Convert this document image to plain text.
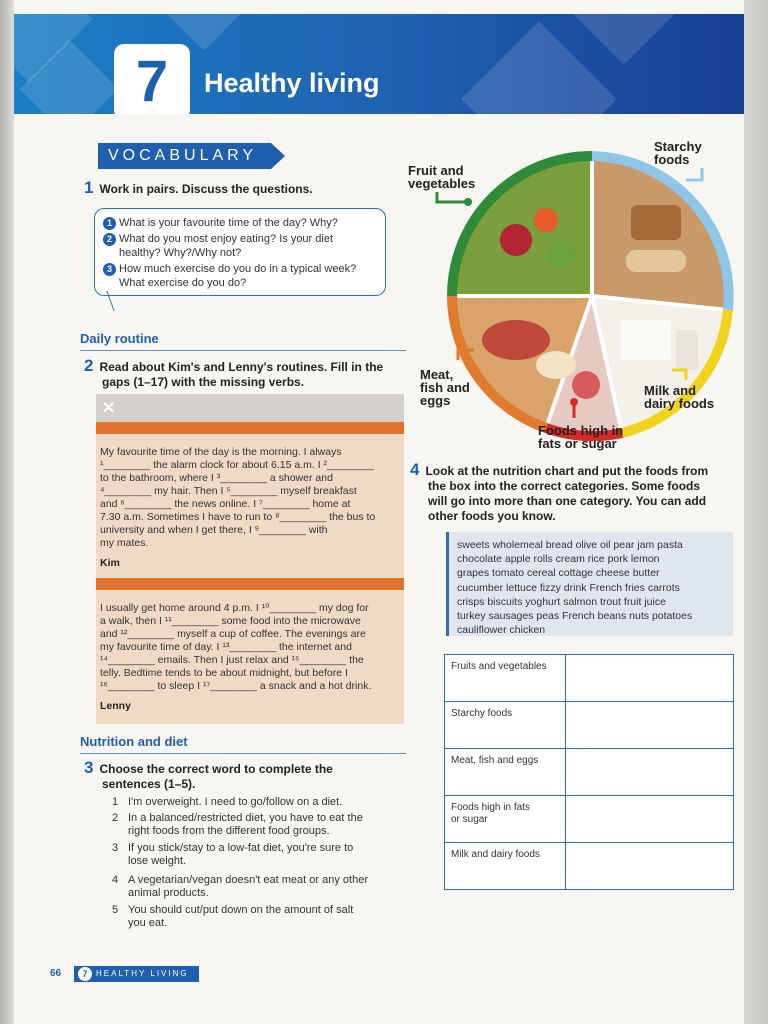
7	Healthy living
VOCABULARY
1 Work in pairs. Discuss the questions.
1 What is your favourite time of the day? Why?
2 What do you most enjoy eating? Is your diet
healthy? Why?/Why not?
3 How much exercise do you do in a typical week?
What exercise do you do?
Daily routine
2 Read about Kim's and Lenny's routines. Fill in the
gaps (1–17) with the missing verbs.
✕
My favourite time of the day is the morning. I always
¹________ the alarm clock for about 6.15 a.m. I ²________
to the bathroom, where I ³________ a shower and
⁴________ my hair. Then I ⁵________ myself breakfast
and ⁶________ the news online. I ⁷________ home at
7.30 a.m. Sometimes I have to run to ⁸________ the bus to
university and when I get there, I ⁹________ with
my mates.
Kim
I usually get home around 4 p.m. I ¹⁰________ my dog for
a walk, then I ¹¹________ some food into the microwave
and ¹²________ myself a cup of coffee. The evenings are
my favourite time of day. I ¹³________ the internet and
¹⁴________ emails. Then I just relax and ¹⁵________ the
telly. Bedtime tends to be about midnight, but before I
¹⁶________ to sleep I ¹⁷________ a snack and a hot drink.
Lenny
Nutrition and diet
3 Choose the correct word to complete the
sentences (1–5).
1 I'm overweight. I need to go/follow on a diet.
2 In a balanced/restricted diet, you have to eat the
right foods from the different food groups.
3 If you stick/stay to a low-fat diet, you're sure to
lose weight.
4 A vegetarian/vegan doesn't eat meat or any other
animal products.
5 You should cut/put down on the amount of salt
you eat.
Fruit and
vegetables
Starchy
foods
Meat,
fish and
eggs
Milk and
dairy foods
Foods high in
fats or sugar
4 Look at the nutrition chart and put the foods from
the box into the correct categories. Some foods
will go into more than one category. You can add
other foods you know.
sweets wholemeal bread olive oil pear jam pasta
chocolate apple rolls cream rice pork lemon
grapes tomato cereal cottage cheese butter
cucumber lettuce fizzy drink French fries carrots
crisps biscuits yoghurt salmon trout fruit juice
turkey sausages peas French beans nuts potatoes
cauliflower chicken
Fruits and vegetables
Starchy foods
Meat, fish and eggs
Foods high in fats
or sugar
Milk and dairy foods
66	7	HEALTHY LIVING
